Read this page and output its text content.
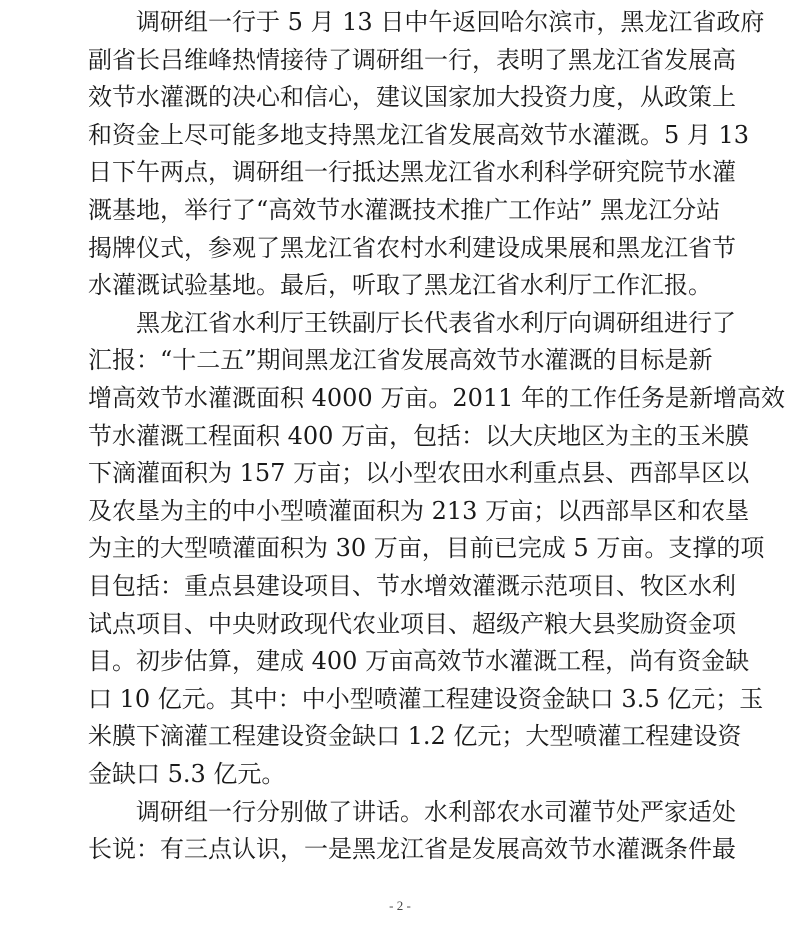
调研组一行于 5 月 13 日中午返回哈尔滨市，黑龙江省政府
副省长吕维峰热情接待了调研组一行，表明了黑龙江省发展高
效节水灌溉的决心和信心，建议国家加大投资力度，从政策上
和资金上尽可能多地支持黑龙江省发展高效节水灌溉。5 月 13
日下午两点，调研组一行抵达黑龙江省水利科学研究院节水灌
溉基地，举行了“高效节水灌溉技术推广工作站” 黑龙江分站
揭牌仪式，参观了黑龙江省农村水利建设成果展和黑龙江省节
水灌溉试验基地。最后，听取了黑龙江省水利厅工作汇报。
黑龙江省水利厅王铁副厅长代表省水利厅向调研组进行了
汇报：“十二五”期间黑龙江省发展高效节水灌溉的目标是新
增高效节水灌溉面积 4000 万亩。2011 年的工作任务是新增高效
节水灌溉工程面积 400 万亩，包括：以大庆地区为主的玉米膜
下滴灌面积为 157 万亩；以小型农田水利重点县、西部旱区以
及农垦为主的中小型喷灌面积为 213 万亩；以西部旱区和农垦
为主的大型喷灌面积为 30 万亩，目前已完成 5 万亩。支撑的项
目包括：重点县建设项目、节水增效灌溉示范项目、牧区水利
试点项目、中央财政现代农业项目、超级产粮大县奖励资金项
目。初步估算，建成 400 万亩高效节水灌溉工程，尚有资金缺
口 10 亿元。其中：中小型喷灌工程建设资金缺口 3.5 亿元；玉
米膜下滴灌工程建设资金缺口 1.2 亿元；大型喷灌工程建设资
金缺口 5.3 亿元。
调研组一行分别做了讲话。水利部农水司灌节处严家适处
长说：有三点认识，一是黑龙江省是发展高效节水灌溉条件最
- 2 -
